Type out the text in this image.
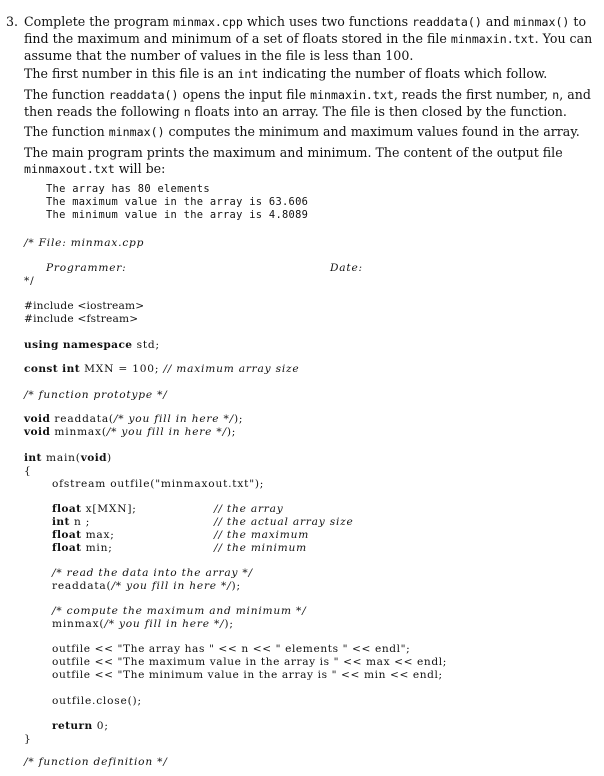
3. Complete the program minmax.cpp which uses two functions readdata() and minmax() to find the maximum and minimum of a set of floats stored in the file minmaxin.txt. You can assume that the number of values in the file is less than 100.

The first number in this file is an int indicating the number of floats which follow.

The function readdata() opens the input file minmaxin.txt, reads the first number, n, and then reads the following n floats into an array. The file is then closed by the function.

The function minmax() computes the minimum and maximum values found in the array.

The main program prints the maximum and minimum. The content of the output file minmaxout.txt will be:

The array has 80 elements
The maximum value in the array is 63.606
The minimum value in the array is 4.8089
/* File: minmax.cpp
Programmer:	Date:
*/
#include <iostream>
#include <fstream>
using namespace std;
const int MXN = 100; // maximum array size
/* function prototype */
void readdata(/* you fill in here */);
void minmax(/* you fill in here */);
int main(void)
{
ofstream outfile("minmaxout.txt");
float x[MXN];	// the array
int n ;	// the actual array size
float max;	// the maximum
float min;	// the minimum
/* read the data into the array */
readdata(/* you fill in here */);
/* compute the maximum and minimum */
minmax(/* you fill in here */);
outfile << "The array has " << n << " elements " << endl";
outfile << "The maximum value in the array is " << max << endl;
outfile << "The minimum value in the array is " << min << endl;
outfile.close();
return 0;
}
/* function definition */
